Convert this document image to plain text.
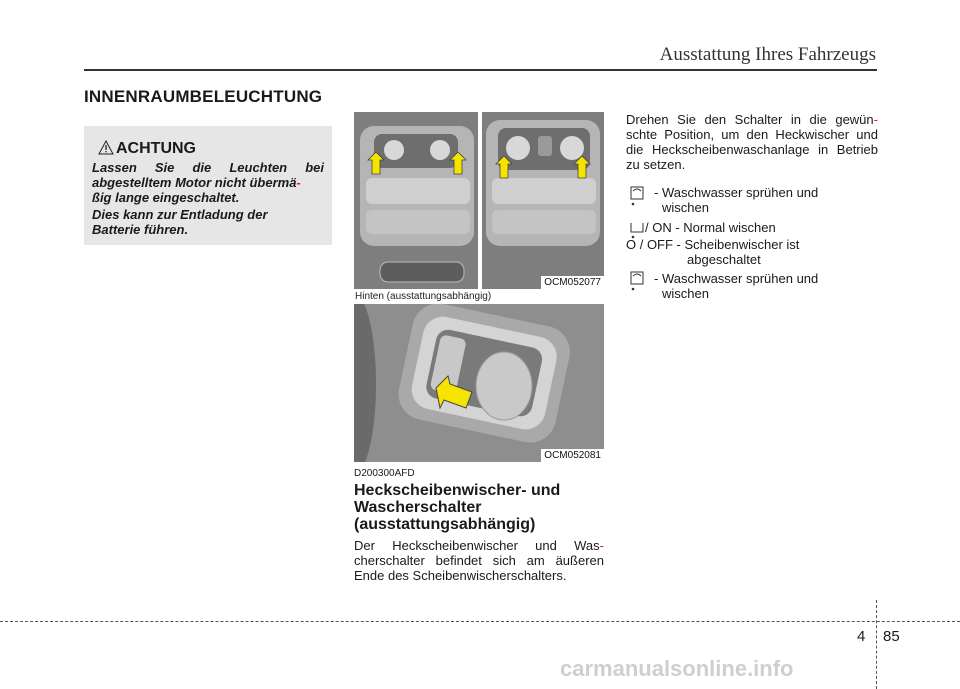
Ausstattung Ihres Fahrzeugs
INNENRAUMBELEUCHTUNG
ACHTUNG
Lassen Sie die Leuchten bei abgestelltem Motor nicht übermä-
ßig lange eingeschaltet.
Dies kann zur Entladung der
Batterie führen.
OCM052077
Hinten (ausstattungsabhängig)
OCM052081
D200300AFD
Heckscheibenwischer- und
Wascherschalter
(ausstattungsabhängig)
Der Heckscheibenwischer und Was- cherschalter befindet sich am äußeren Ende des Scheibenwischerschalters.
Drehen Sie den Schalter in die gewün- schte Position, um den Heckwischer und die Heckscheibenwaschanlage in Betrieb zu setzen.
- Waschwasser sprühen und
wischen
/ ON - Normal wischen
O / OFF - Scheibenwischer ist
abgeschaltet
- Waschwasser sprühen und
wischen
4 85
carmanualsonline.info
